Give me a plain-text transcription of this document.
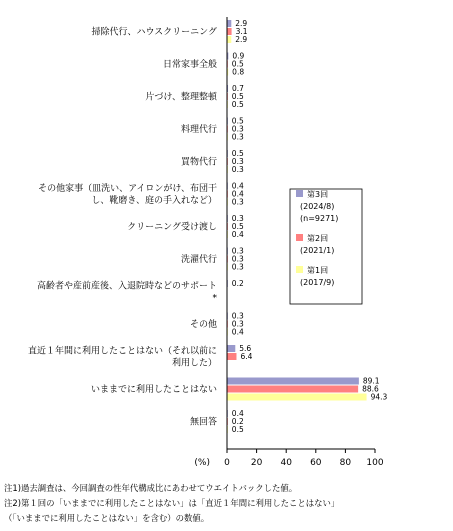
2.9
3.1
2.9
0.9
0.5
0.8
0.7
0.5
0.5
0.5
0.3
0.3
0.5
0.3
0.3
0.4
0.4
0.3
0.3
0.5
0.4
0.3
0.3
0.3
0.2
0.3
0.3
0.4
5.6
6.4
89.1
88.6
94.3
0.4
0.2
0.5
掃除代行、ハウスクリーニング
日常家事全般
片づけ、整理整頓
料理代行
買物代行
その他家事（皿洗い、アイロンがけ、布団干
し、靴磨き、庭の手入れなど）
クリーニング受け渡し
洗濯代行
高齢者や産前産後、入退院時などのサポート
*
その他
直近１年間に利用したことはない（それ以前に
利用した）
いままでに利用したことはない
無回答
0 20 40 60 80 100
(%)
第3回
(2024/8)
(n=9271)
第2回
(2021/1)
第1回
(2017/9)
注1)過去調査は、今回調査の性年代構成比にあわせてウエイトバックした値。
注2)第１回の「いままでに利用したことはない」は「直近１年間に利用したことはない」
（「いままでに利用したことはない」を含む）の数値。
